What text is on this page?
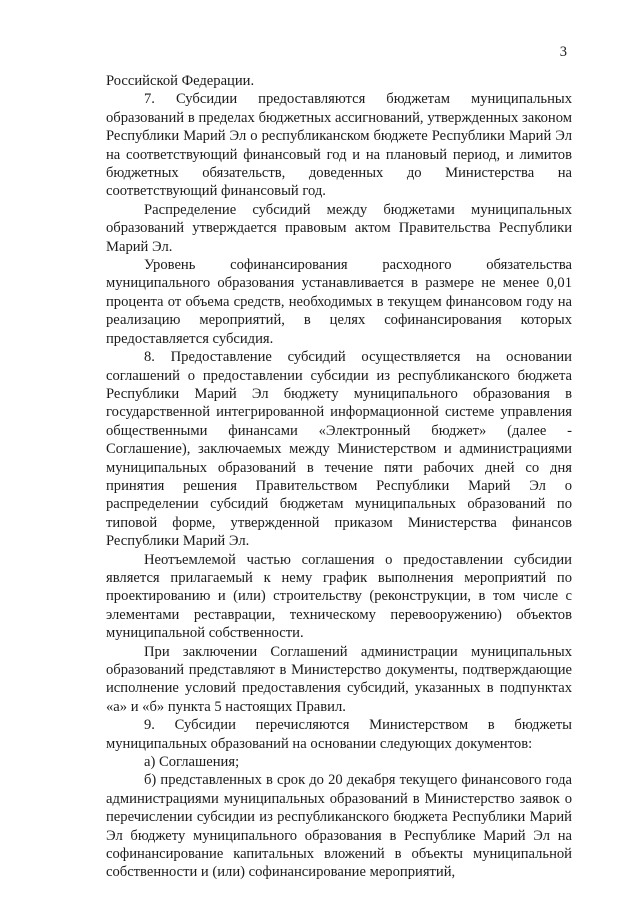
3

Российской Федерации.

7. Субсидии предоставляются бюджетам муниципальных образований в пределах бюджетных ассигнований, утвержденных законом Республики Марий Эл о республиканском бюджете Республики Марий Эл на соответствующий финансовый год и на плановый период, и лимитов бюджетных обязательств, доведенных до Министерства на соответствующий финансовый год.

Распределение субсидий между бюджетами муниципальных образований утверждается правовым актом Правительства Республики Марий Эл.

Уровень софинансирования расходного обязательства муниципального образования устанавливается в размере не менее 0,01 процента от объема средств, необходимых в текущем финансовом году на реализацию мероприятий, в целях софинансирования которых предоставляется субсидия.

8. Предоставление субсидий осуществляется на основании соглашений о предоставлении субсидии из республиканского бюджета Республики Марий Эл бюджету муниципального образования в государственной интегрированной информационной системе управления общественными финансами «Электронный бюджет» (далее - Соглашение), заключаемых между Министерством и администрациями муниципальных образований в течение пяти рабочих дней со дня принятия решения Правительством Республики Марий Эл о распределении субсидий бюджетам муниципальных образований по типовой форме, утвержденной приказом Министерства финансов Республики Марий Эл.

Неотъемлемой частью соглашения о предоставлении субсидии является прилагаемый к нему график выполнения мероприятий по проектированию и (или) строительству (реконструкции, в том числе с элементами реставрации, техническому перевооружению) объектов муниципальной собственности.

При заключении Соглашений администрации муниципальных образований представляют в Министерство документы, подтверждающие исполнение условий предоставления субсидий, указанных в подпунктах «а» и «б» пункта 5 настоящих Правил.

9. Субсидии перечисляются Министерством в бюджеты муниципальных образований на основании следующих документов:

а) Соглашения;

б) представленных в срок до 20 декабря текущего финансового года администрациями муниципальных образований в Министерство заявок о перечислении субсидии из республиканского бюджета Республики Марий Эл бюджету муниципального образования в Республике Марий Эл на софинансирование капитальных вложений в объекты муниципальной собственности и (или) софинансирование мероприятий,
